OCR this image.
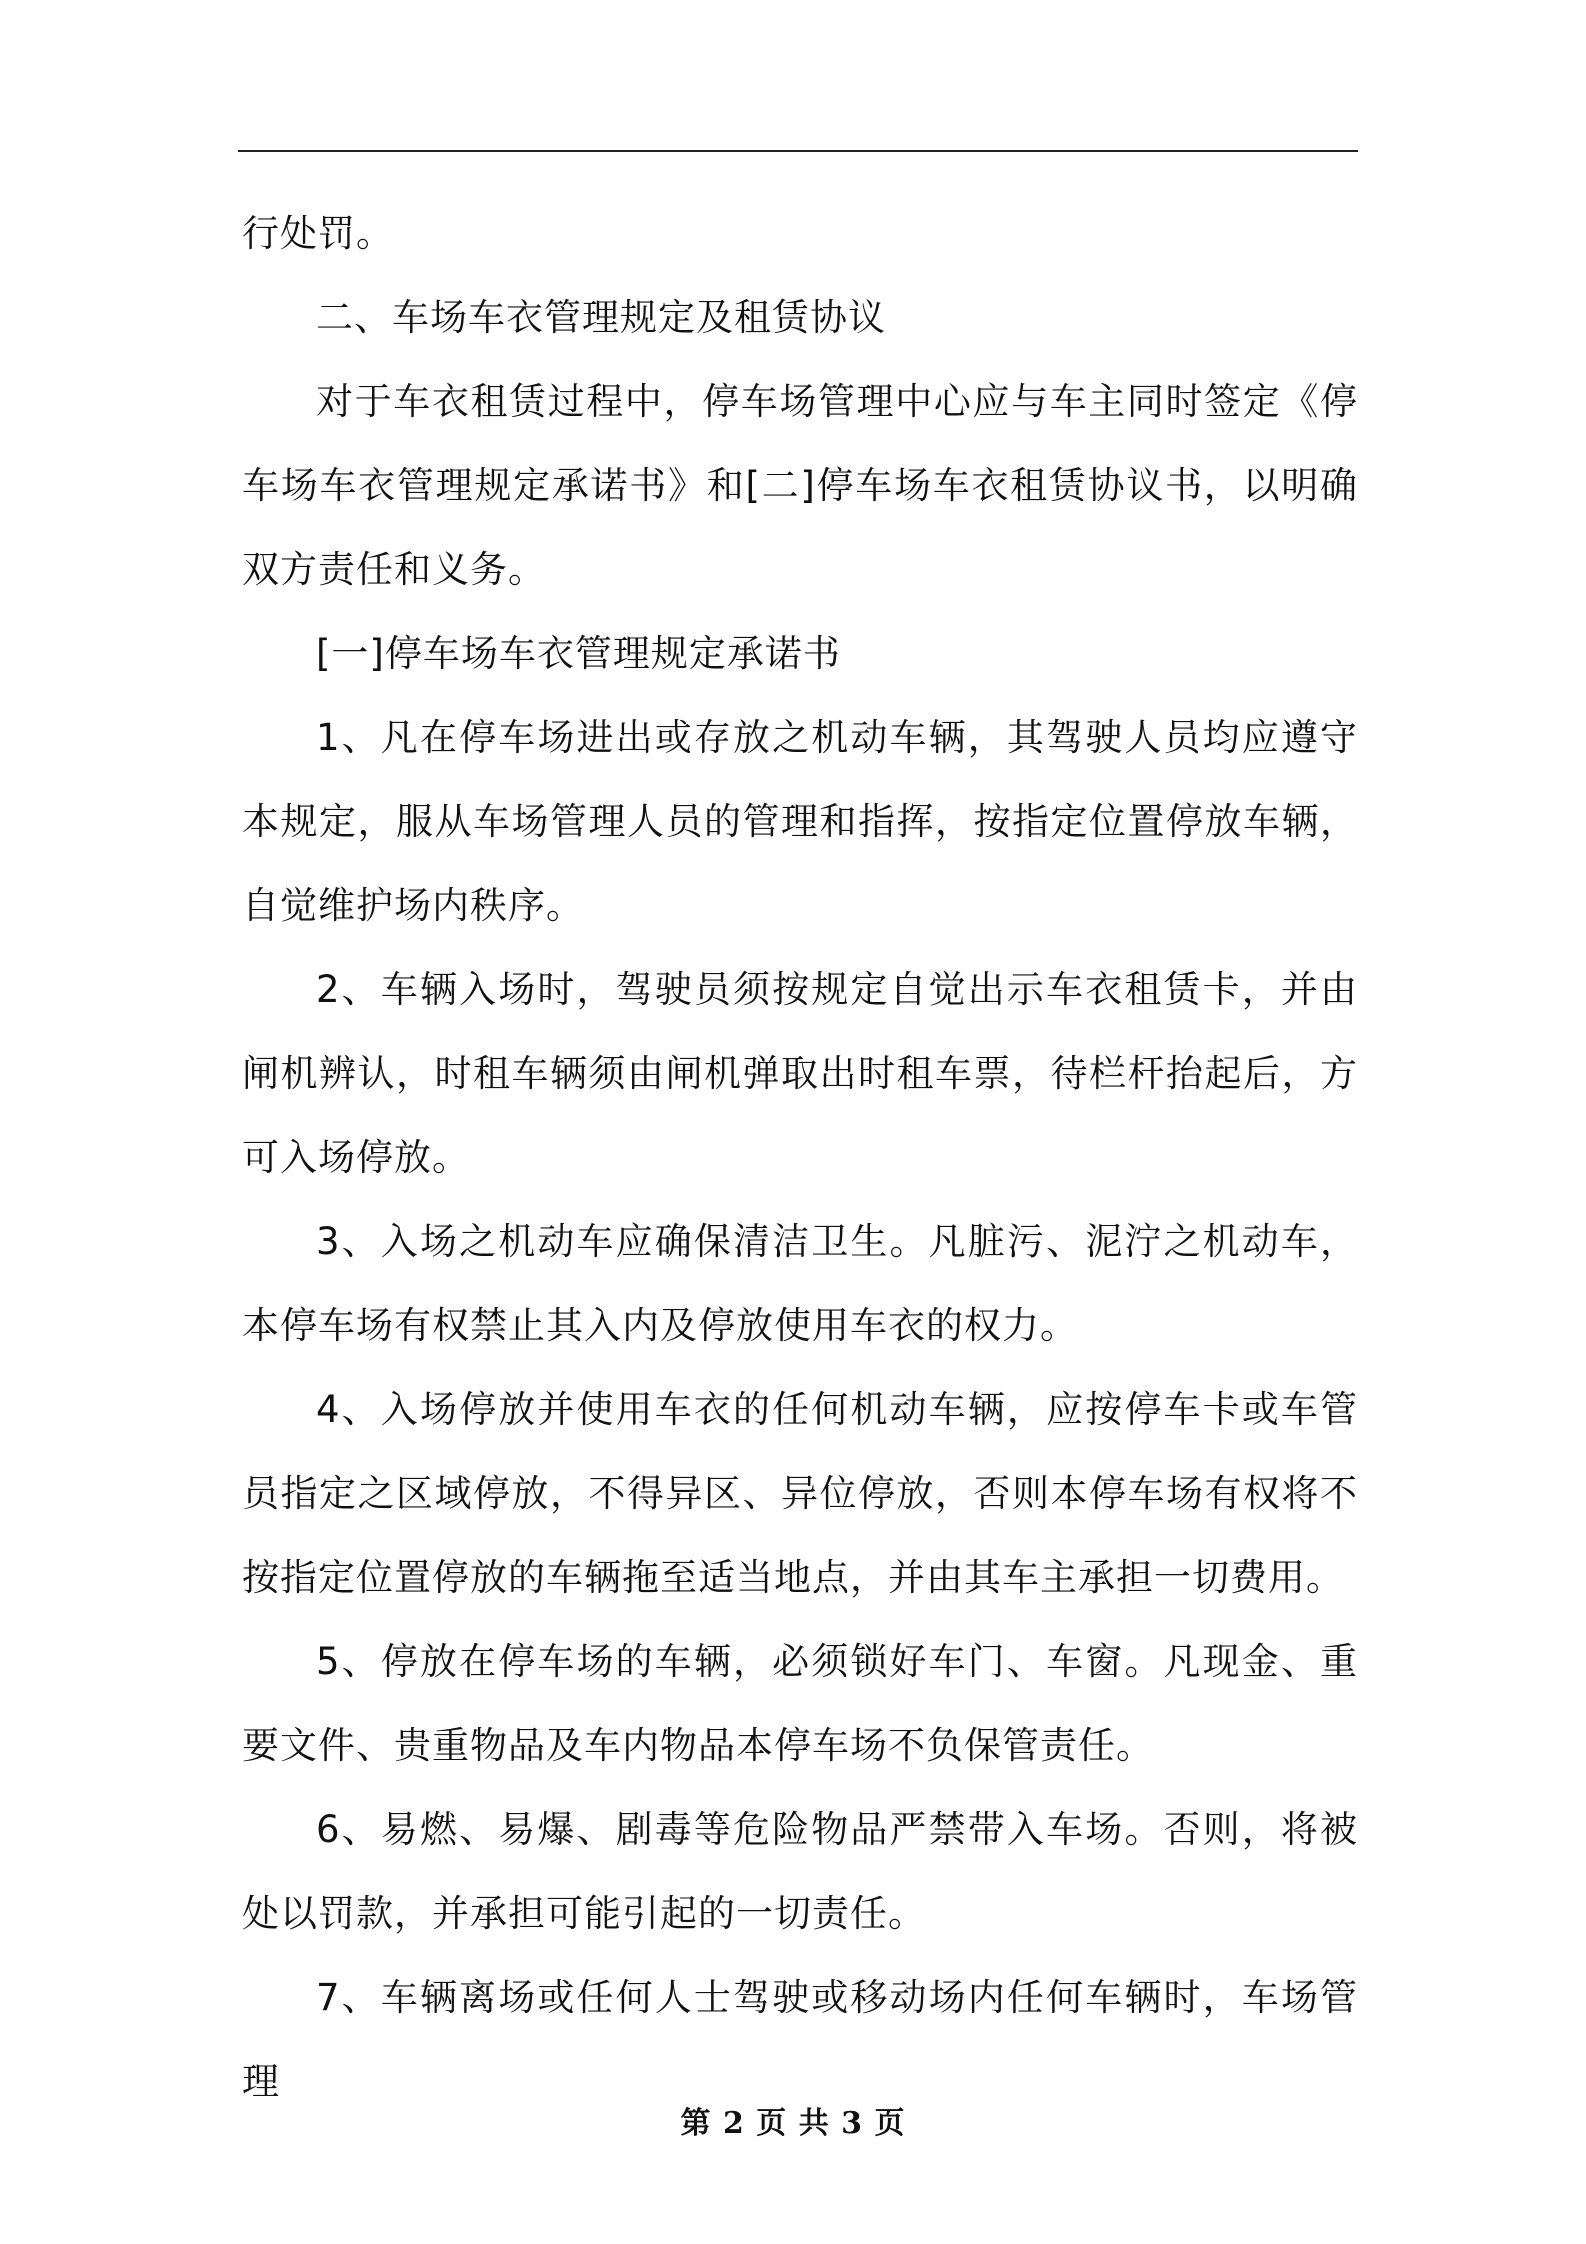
行处罚。

二、车场车衣管理规定及租赁协议

对于车衣租赁过程中，停车场管理中心应与车主同时签定《停车场车衣管理规定承诺书》和[二]停车场车衣租赁协议书，以明确双方责任和义务。

[一]停车场车衣管理规定承诺书

1、凡在停车场进出或存放之机动车辆，其驾驶人员均应遵守本规定，服从车场管理人员的管理和指挥，按指定位置停放车辆，自觉维护场内秩序。

2、车辆入场时，驾驶员须按规定自觉出示车衣租赁卡，并由闸机辨认，时租车辆须由闸机弹取出时租车票，待栏杆抬起后，方可入场停放。

3、入场之机动车应确保清洁卫生。凡脏污、泥泞之机动车，本停车场有权禁止其入内及停放使用车衣的权力。

4、入场停放并使用车衣的任何机动车辆，应按停车卡或车管员指定之区域停放，不得异区、异位停放，否则本停车场有权将不按指定位置停放的车辆拖至适当地点，并由其车主承担一切费用。

5、停放在停车场的车辆，必须锁好车门、车窗。凡现金、重要文件、贵重物品及车内物品本停车场不负保管责任。

6、易燃、易爆、剧毒等危险物品严禁带入车场。否则，将被处以罚款，并承担可能引起的一切责任。

7、车辆离场或任何人士驾驶或移动场内任何车辆时，车场管理

第 2 页 共 3 页
